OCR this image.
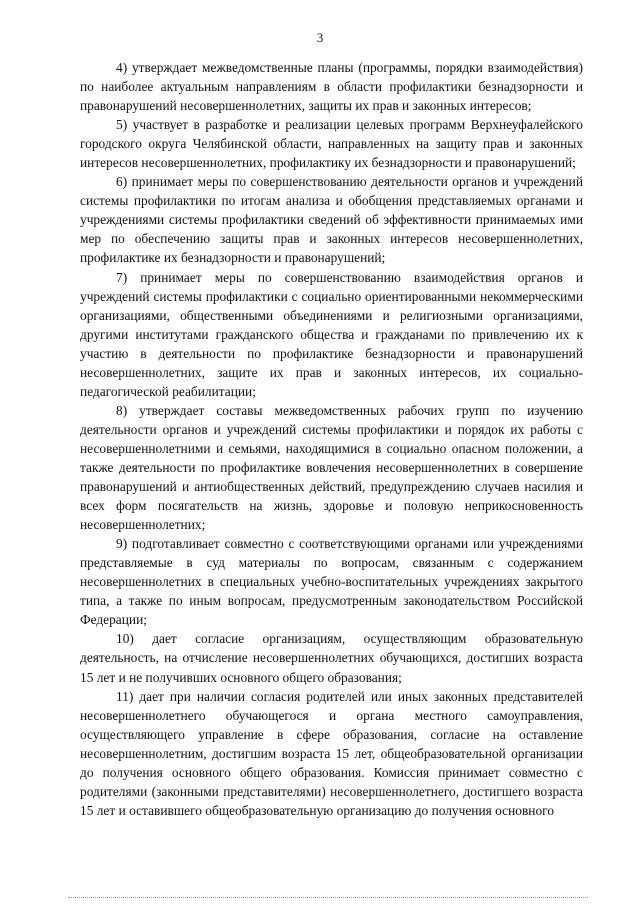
3

4) утверждает межведомственные планы (программы, порядки взаимодействия) по наиболее актуальным направлениям в области профилактики безнадзорности и правонарушений несовершеннолетних, защиты их прав и законных интересов;

5) участвует в разработке и реализации целевых программ Верхнеуфалейского городского округа Челябинской области, направленных на защиту прав и законных интересов несовершеннолетних, профилактику их безнадзорности и правонарушений;

6) принимает меры по совершенствованию деятельности органов и учреждений системы профилактики по итогам анализа и обобщения представляемых органами и учреждениями системы профилактики сведений об эффективности принимаемых ими мер по обеспечению защиты прав и законных интересов несовершеннолетних, профилактике их безнадзорности и правонарушений;

7) принимает меры по совершенствованию взаимодействия органов и учреждений системы профилактики с социально ориентированными некоммерческими организациями, общественными объединениями и религиозными организациями, другими институтами гражданского общества и гражданами по привлечению их к участию в деятельности по профилактике безнадзорности и правонарушений несовершеннолетних, защите их прав и законных интересов, их социально-педагогической реабилитации;

8) утверждает составы межведомственных рабочих групп по изучению деятельности органов и учреждений системы профилактики и порядок их работы с несовершеннолетними и семьями, находящимися в социально опасном положении, а также деятельности по профилактике вовлечения несовершеннолетних в совершение правонарушений и антиобщественных действий, предупреждению случаев насилия и всех форм посягательств на жизнь, здоровье и половую неприкосновенность несовершеннолетних;

9) подготавливает совместно с соответствующими органами или учреждениями представляемые в суд материалы по вопросам, связанным с содержанием несовершеннолетних в специальных учебно-воспитательных учреждениях закрытого типа, а также по иным вопросам, предусмотренным законодательством Российской Федерации;

10) дает согласие организациям, осуществляющим образовательную деятельность, на отчисление несовершеннолетних обучающихся, достигших возраста 15 лет и не получивших основного общего образования;

11) дает при наличии согласия родителей или иных законных представителей несовершеннолетнего обучающегося и органа местного самоуправления, осуществляющего управление в сфере образования, согласие на оставление несовершеннолетним, достигшим возраста 15 лет, общеобразовательной организации до получения основного общего образования. Комиссия принимает совместно с родителями (законными представителями) несовершеннолетнего, достигшего возраста 15 лет и оставившего общеобразовательную организацию до получения основного
